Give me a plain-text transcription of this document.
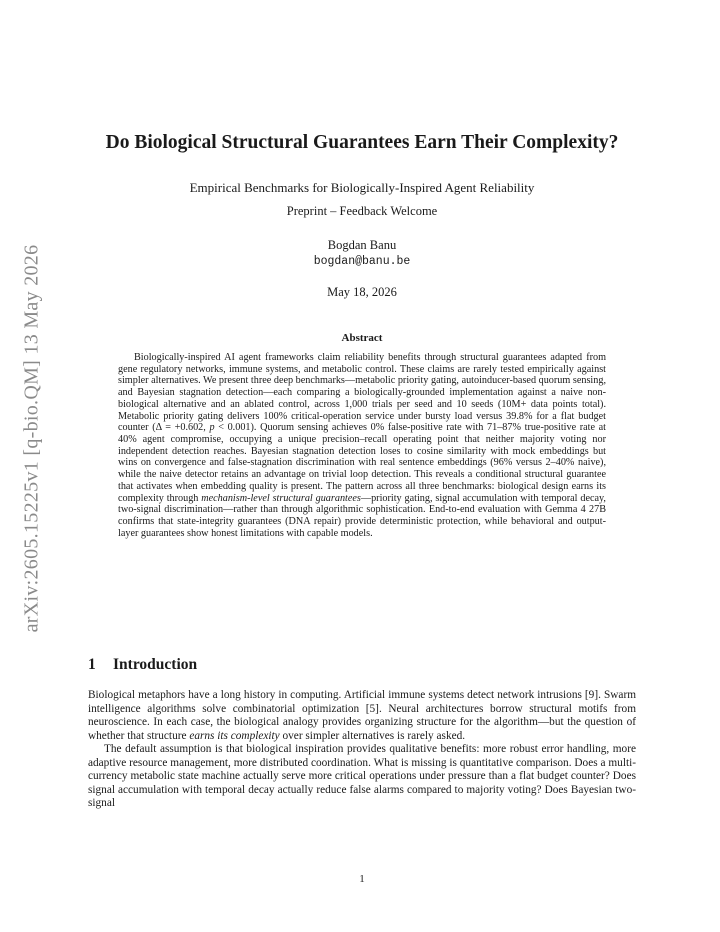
arXiv:2605.15225v1 [q-bio.QM] 13 May 2026
Do Biological Structural Guarantees Earn Their Complexity?
Empirical Benchmarks for Biologically-Inspired Agent Reliability
Preprint – Feedback Welcome
Bogdan Banu
bogdan@banu.be
May 18, 2026
Abstract

Biologically-inspired AI agent frameworks claim reliability benefits through structural guarantees adapted from gene regulatory networks, immune systems, and metabolic control. These claims are rarely tested empirically against simpler alternatives. We present three deep benchmarks—metabolic priority gating, autoinducer-based quorum sensing, and Bayesian stagnation detection—each comparing a biologically-grounded implementation against a naive non-biological alternative and an ablated control, across 1,000 trials per seed and 10 seeds (10M+ data points total). Metabolic priority gating delivers 100% critical-operation service under bursty load versus 39.8% for a flat budget counter (Δ = +0.602, p < 0.001). Quorum sensing achieves 0% false-positive rate with 71–87% true-positive rate at 40% agent compromise, occupying a unique precision–recall operating point that neither majority voting nor independent detection reaches. Bayesian stagnation detection loses to cosine similarity with mock embeddings but wins on convergence and false-stagnation discrimination with real sentence embeddings (96% versus 2–40% naive), while the naive detector retains an advantage on trivial loop detection. This reveals a conditional structural guarantee that activates when embedding quality is present. The pattern across all three benchmarks: biological design earns its complexity through mechanism-level structural guarantees—priority gating, signal accumulation with temporal decay, two-signal discrimination—rather than through algorithmic sophistication. End-to-end evaluation with Gemma 4 27B confirms that state-integrity guarantees (DNA repair) provide deterministic protection, while behavioral and output-layer guarantees show honest limitations with capable models.

1 Introduction

Biological metaphors have a long history in computing. Artificial immune systems detect network intrusions [9]. Swarm intelligence algorithms solve combinatorial optimization [5]. Neural architectures borrow structural motifs from neuroscience. In each case, the biological analogy provides organizing structure for the algorithm—but the question of whether that structure earns its complexity over simpler alternatives is rarely asked.

The default assumption is that biological inspiration provides qualitative benefits: more robust error handling, more adaptive resource management, more distributed coordination. What is missing is quantitative comparison. Does a multi-currency metabolic state machine actually serve more critical operations under pressure than a flat budget counter? Does signal accumulation with temporal decay actually reduce false alarms compared to majority voting? Does Bayesian two-signal

1
